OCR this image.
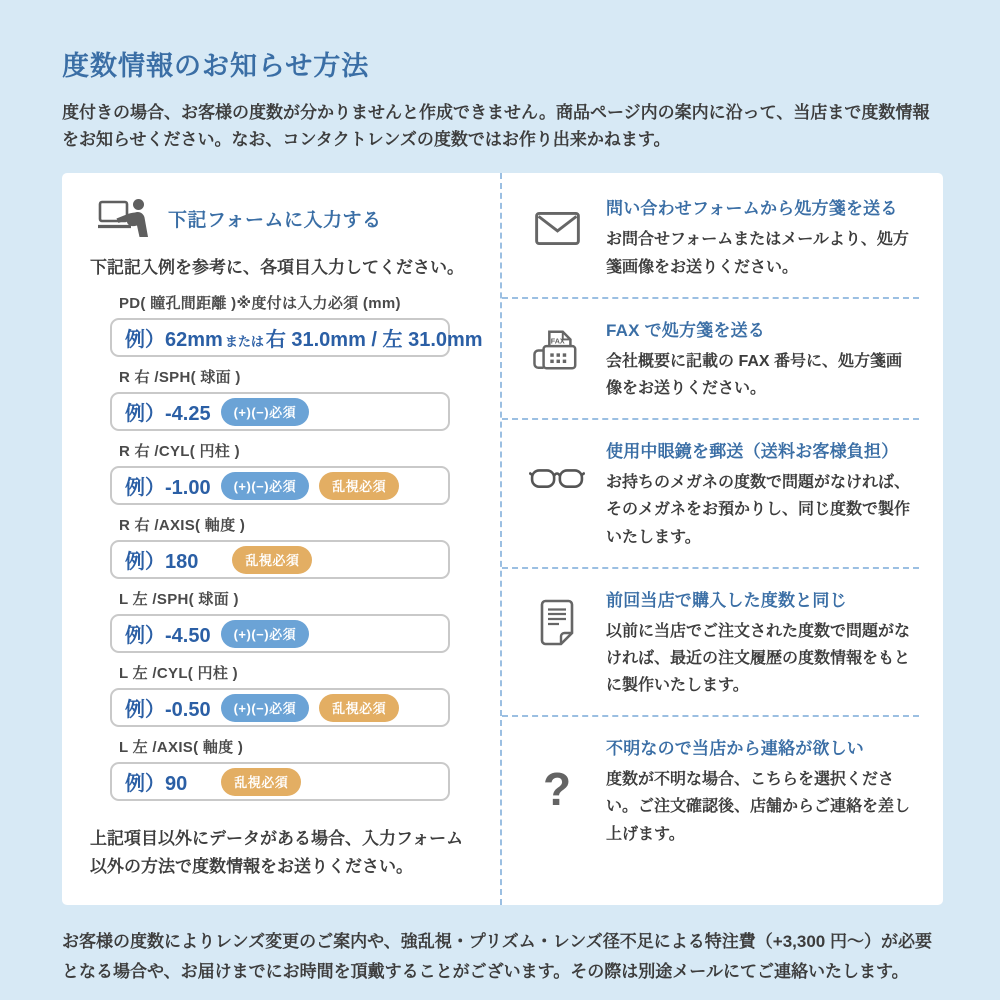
度数情報のお知らせ方法

度付きの場合、お客様の度数が分かりませんと作成できません。商品ページ内の案内に沿って、当店まで度数情報をお知らせください。なお、コンタクトレンズの度数ではお作り出来かねます。

下記フォームに入力する

下記記入例を参考に、各項目入力してください。

PD( 瞳孔間距離 )※度付は入力必須 (mm)
例）62mm または 右 31.0mm / 左 31.0mm
R 右 /SPH( 球面 )
例）-4.25	(+)(−)必須
R 右 /CYL( 円柱 )
例）-1.00	(+)(−)必須	乱視必須
R 右 /AXIS( 軸度 )
例）180	乱視必須
L 左 /SPH( 球面 )
例）-4.50	(+)(−)必須
L 左 /CYL( 円柱 )
例）-0.50	(+)(−)必須	乱視必須
L 左 /AXIS( 軸度 )
例）90	乱視必須

上記項目以外にデータがある場合、入力フォーム以外の方法で度数情報をお送りください。

問い合わせフォームから処方箋を送る
お問合せフォームまたはメールより、処方箋画像をお送りください。
FAX
FAX で処方箋を送る
会社概要に記載の FAX 番号に、処方箋画像をお送りください。
使用中眼鏡を郵送（送料お客様負担）
お持ちのメガネの度数で問題がなければ、そのメガネをお預かりし、同じ度数で製作いたします。
前回当店で購入した度数と同じ
以前に当店でご注文された度数で問題がなければ、最近の注文履歴の度数情報をもとに製作いたします。
?
不明なので当店から連絡が欲しい
度数が不明な場合、こちらを選択ください。ご注文確認後、店舗からご連絡を差し上げます。

お客様の度数によりレンズ変更のご案内や、強乱視・プリズム・レンズ径不足による特注費（+3,300 円〜）が必要となる場合や、お届けまでにお時間を頂戴することがございます。その際は別途メールにてご連絡いたします。
